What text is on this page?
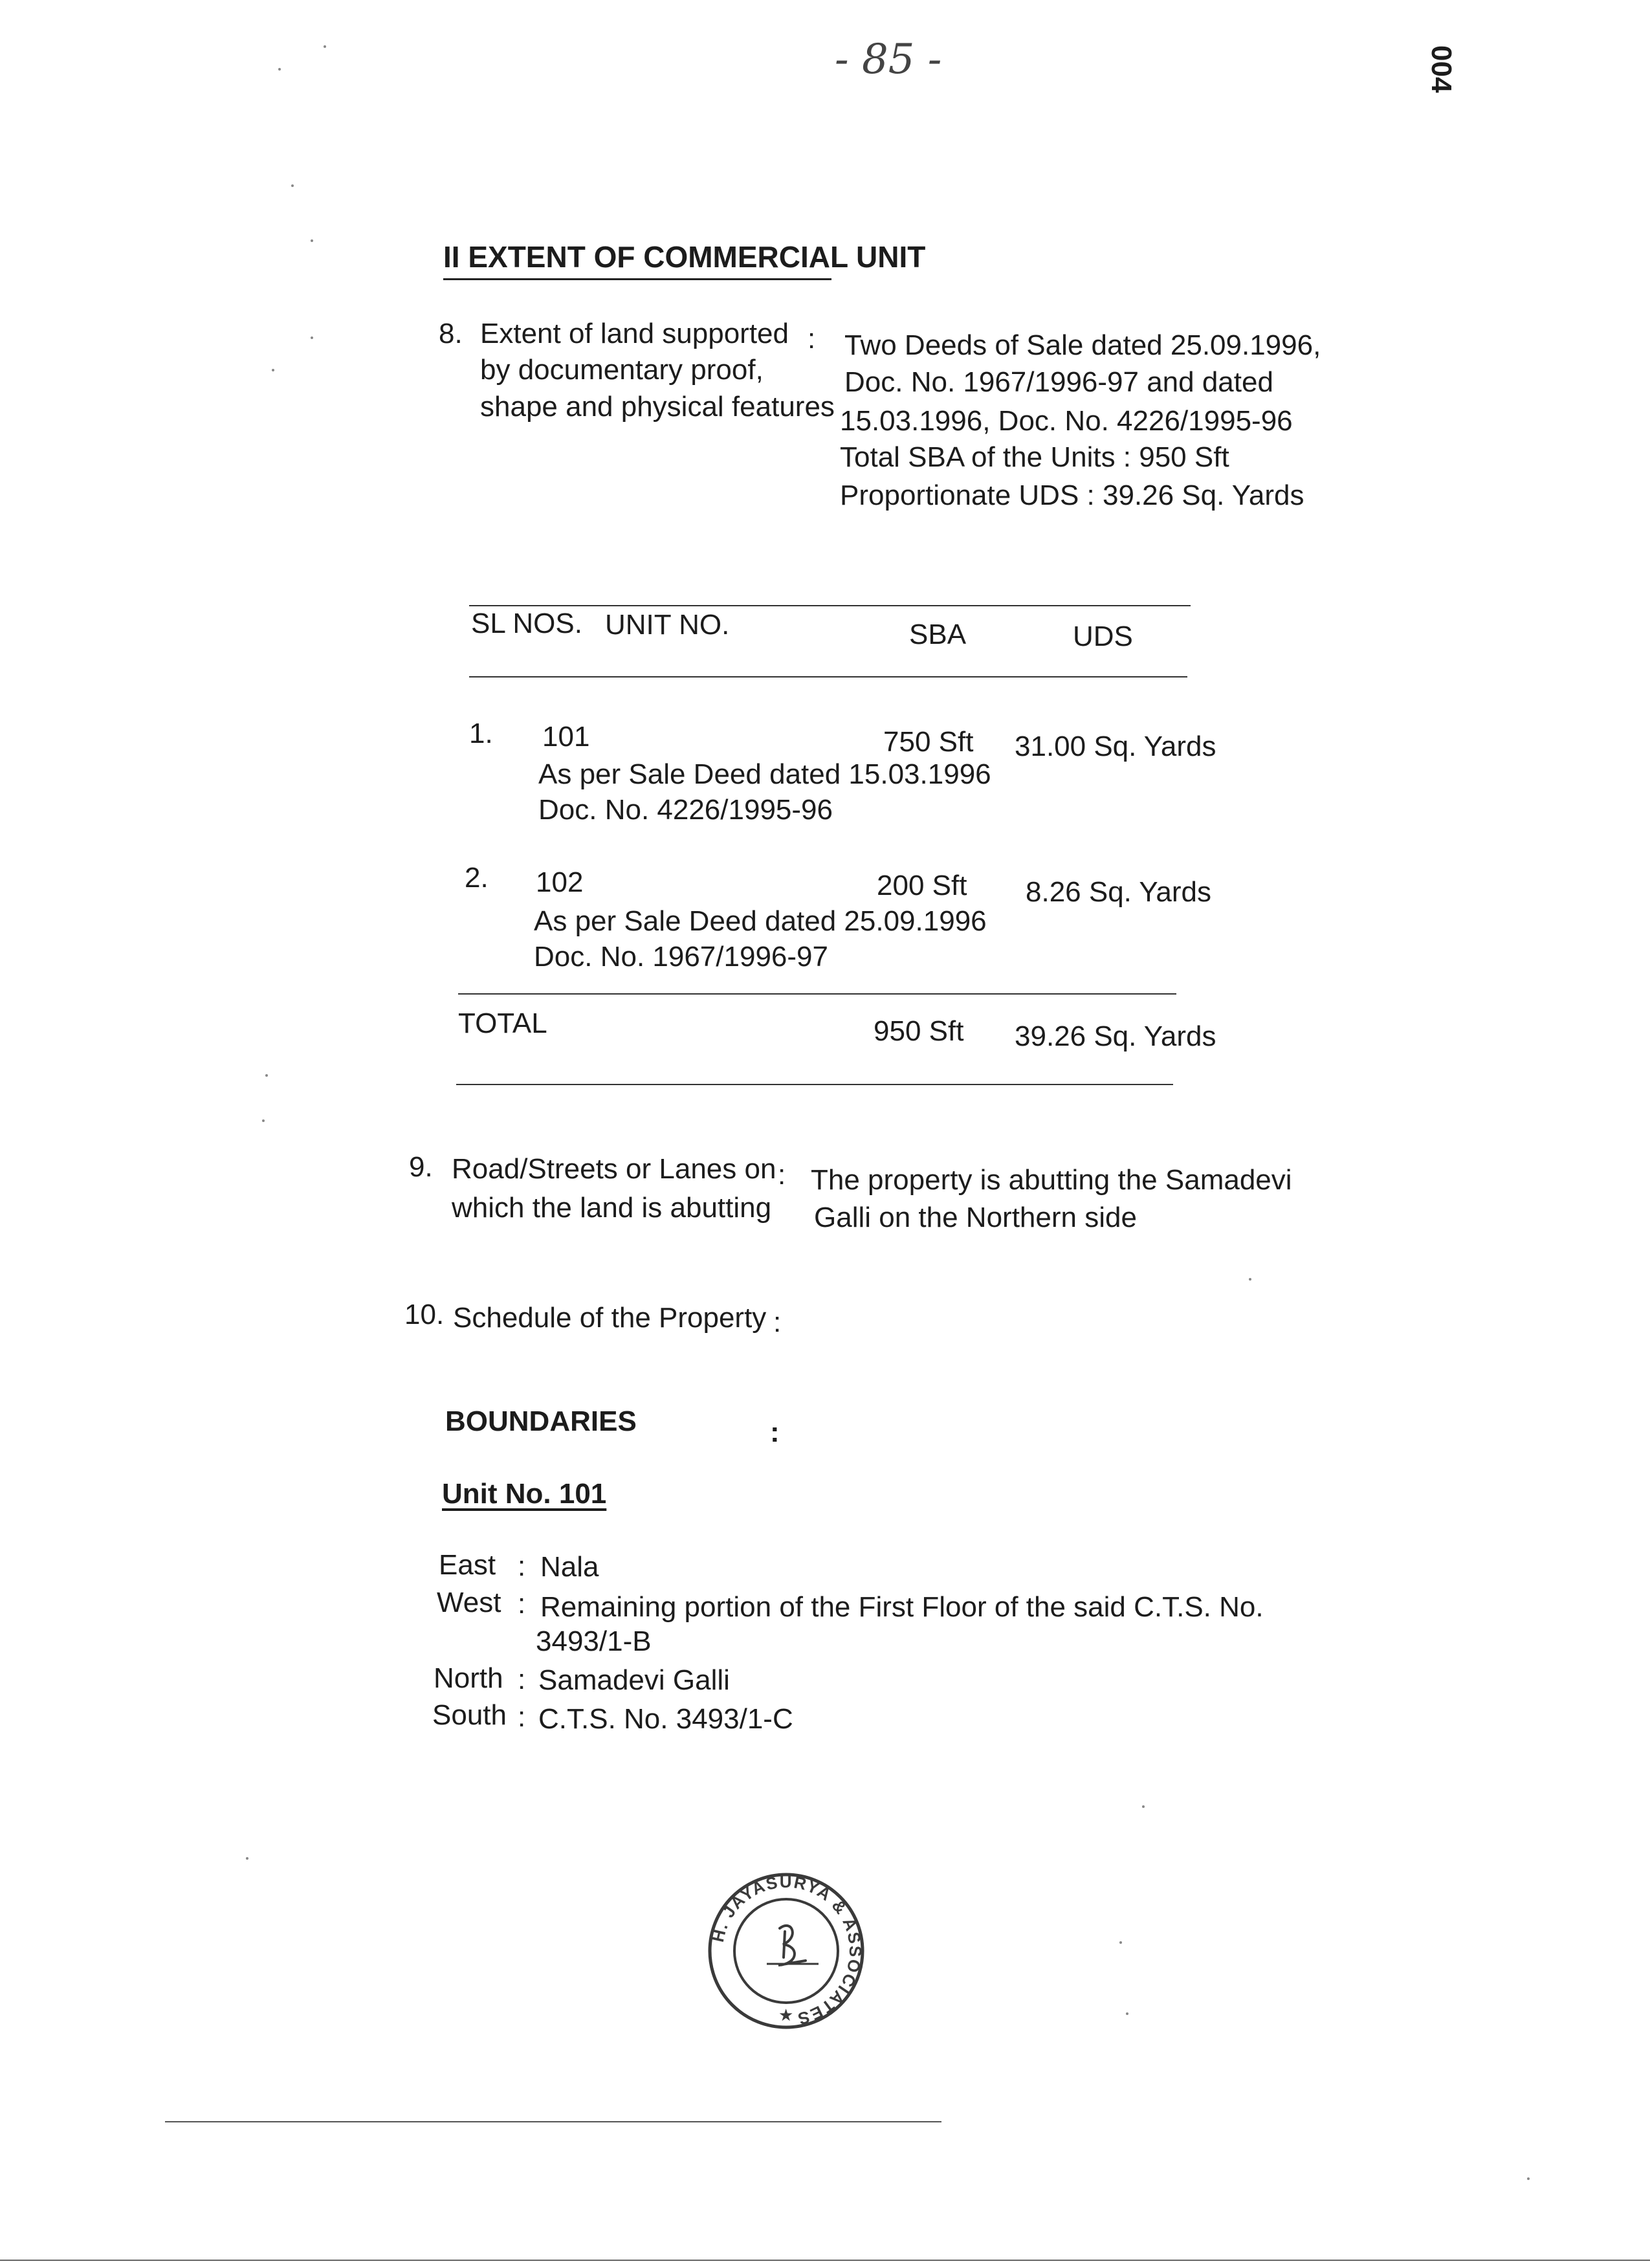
- 85 -	004
II EXTENT OF COMMERCIAL UNIT
8. Extent of land supported
by documentary proof,
shape and physical features
: Two Deeds of Sale dated 25.09.1996,
Doc. No. 1967/1996-97 and dated
15.03.1996, Doc. No. 4226/1995-96
Total SBA of the Units : 950 Sft
Proportionate UDS : 39.26 Sq. Yards
SL NOS. UNIT NO.	SBA	UDS
1. 101	750 Sft 31.00 Sq. Yards
As per Sale Deed dated 15.03.1996
Doc. No. 4226/1995-96
2. 102	200 Sft 8.26 Sq. Yards
As per Sale Deed dated 25.09.1996
Doc. No. 1967/1996-97
TOTAL	950 Sft 39.26 Sq. Yards
9. Road/Streets or Lanes on
which the land is abutting
: The property is abutting the Samadevi
Galli on the Northern side
10. Schedule of the Property :
BOUNDARIES	:
Unit No. 101
East : Nala
West : Remaining portion of the First Floor of the said C.T.S. No.
3493/1-B
North : Samadevi Galli
South : C.T.S. No. 3493/1-C
H. JAYASURYA & ASSOCIATES
★
